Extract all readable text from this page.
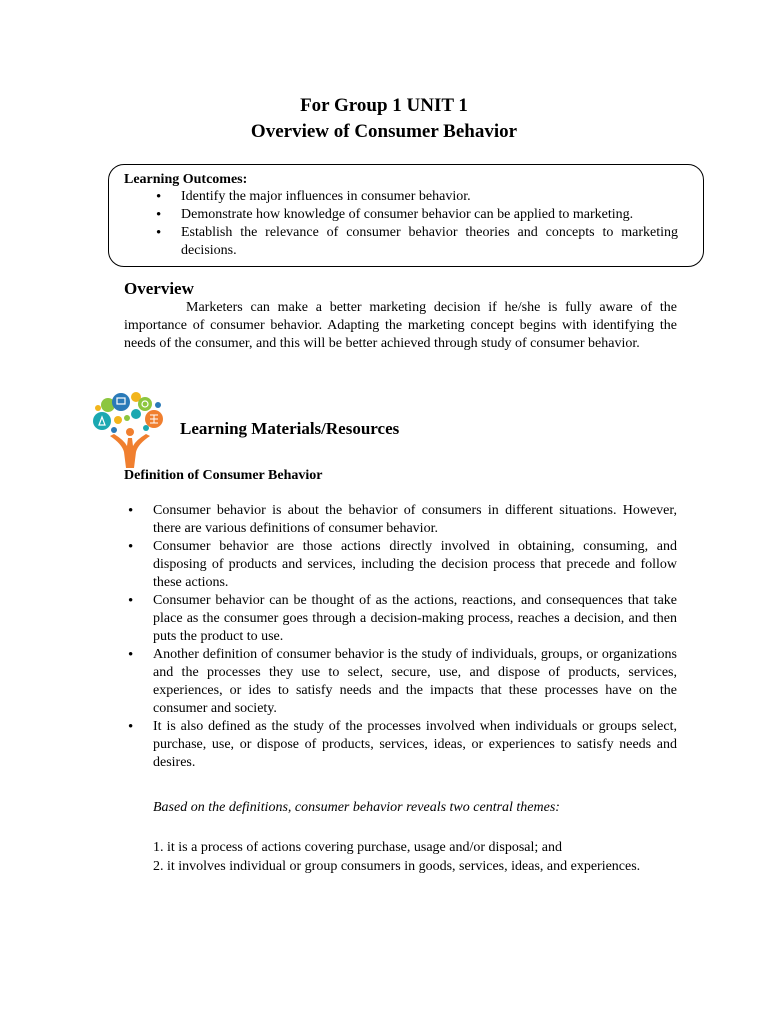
For Group 1 UNIT 1
Overview of Consumer Behavior
Learning Outcomes:
• Identify the major influences in consumer behavior.
• Demonstrate how knowledge of consumer behavior can be applied to marketing.
• Establish the relevance of consumer behavior theories and concepts to marketing decisions.
Overview

Marketers can make a better marketing decision if he/she is fully aware of the importance of consumer behavior. Adapting the marketing concept begins with identifying the needs of the consumer, and this will be better achieved through study of consumer behavior.

Learning Materials/Resources
Definition of Consumer Behavior
• Consumer behavior is about the behavior of consumers in different situations. However, there are various definitions of consumer behavior.
• Consumer behavior are those actions directly involved in obtaining, consuming, and disposing of products and services, including the decision process that precede and follow these actions.
• Consumer behavior can be thought of as the actions, reactions, and consequences that take place as the consumer goes through a decision-making process, reaches a decision, and then puts the product to use.
• Another definition of consumer behavior is the study of individuals, groups, or organizations and the processes they use to select, secure, use, and dispose of products, services, experiences, or ides to satisfy needs and the impacts that these processes have on the consumer and society.
• It is also defined as the study of the processes involved when individuals or groups select, purchase, use, or dispose of products, services, ideas, or experiences to satisfy needs and desires.
Based on the definitions, consumer behavior reveals two central themes:
1. it is a process of actions covering purchase, usage and/or disposal; and
2. it involves individual or group consumers in goods, services, ideas, and experiences.
